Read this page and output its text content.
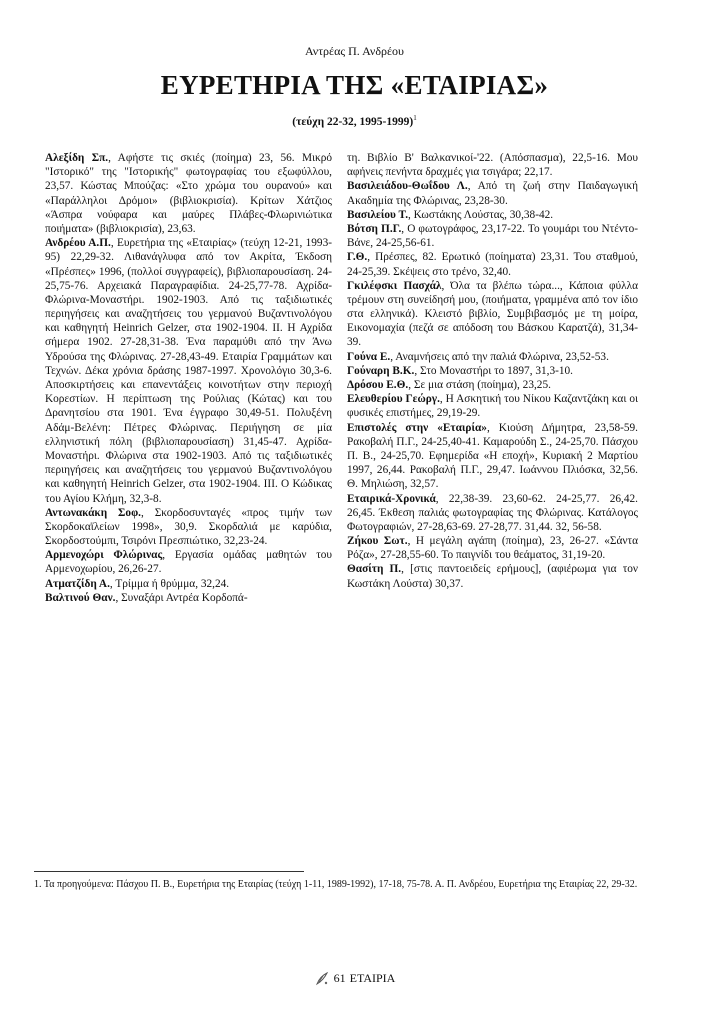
Αντρέας Π. Ανδρέου
ΕΥΡΕΤΗΡΙΑ ΤΗΣ «ΕΤΑΙΡΙΑΣ»
(τεύχη 22-32, 1995-1999)$^1$

Αλεξίδη Σπ., Αφήστε τις σκιές (ποίημα) 23, 56. Μικρό "Ιστορικό" της "Ιστορικής" φωτογραφίας του εξωφύλλου, 23,57. Κώστας Μπούζας: «Στο χρώμα του ουρανού» και «Παράλληλοι Δρόμοι» (βιβλιοκρισία). Κρίτων Χάτζιος «Άσπρα νούφαρα και μαύρες Πλάβες-Φλωρινιώτικα ποιήματα» (βιβλιοκρισία), 23,63.

Ανδρέου Α.Π., Ευρετήρια της «Εταιρίας» (τεύχη 12-21, 1993-95) 22,29-32. Λιθανάγλυφα από τον Ακρίτα, Έκδοση «Πρέσπες» 1996, (πολλοί συγγραφείς), βιβλιοπαρουσίαση. 24-25,75-76. Αρχειακά Παραγραφίδια. 24-25,77-78. Αχρίδα-Φλώρινα-Μοναστήρι. 1902-1903. Από τις ταξιδιωτικές περιηγήσεις και αναζητήσεις του γερμανού Βυζαντινολόγου και καθηγητή Heinrich Gelzer, στα 1902-1904. ΙΙ. Η Αχρίδα σήμερα 1902. 27-28,31-38. Ένα παραμύθι από την Άνω Υδρούσα της Φλώρινας. 27-28,43-49. Εταιρία Γραμμάτων και Τεχνών. Δέκα χρόνια δράσης 1987-1997. Χρονολόγιο 30,3-6. Αποσκιρτήσεις και επανεντάξεις κοινοτήτων στην περιοχή Κορεστίων. Η περίπτωση της Ρούλιας (Κώτας) και του Δρανητσίου στα 1901. Ένα έγγραφο 30,49-51. Πολυξένη Αδάμ-Βελένη: Πέτρες Φλώρινας. Περιήγηση σε μία ελληνιστική πόλη (βιβλιοπαρουσίαση) 31,45-47. Αχρίδα-Μοναστήρι. Φλώρινα στα 1902-1903. Από τις ταξιδιωτικές περιηγήσεις και αναζητήσεις του γερμανού Βυζαντινολόγου και καθηγητή Heinrich Gelzer, στα 1902-1904. ΙΙΙ. Ο Κώδικας του Αγίου Κλήμη, 32,3-8.

Αντωνακάκη Σοφ., Σκορδοσυνταγές «προς τιμήν των Σκορδοκαϊλείων 1998», 30,9. Σκορδαλιά με καρύδια, Σκορδοστούμπι, Τσιρόνι Πρεσπιώτικο, 32,23-24.

Αρμενοχώρι Φλώρινας, Εργασία ομάδας μαθητών του Αρμενοχωρίου, 26,26-27.

Ατματζίδη Α., Τρίμμα ή θρύμμα, 32,24.

Βαλτινού Θαν., Συναξάρι Αντρέα Κορδοπά-

τη. Βιβλίο Β' Βαλκανικοί-'22. (Απόσπασμα), 22,5-16. Μου αφήνεις πενήντα δραχμές για τσιγάρα; 22,17.

Βασιλειάδου-Θωΐδου Λ., Από τη ζωή στην Παιδαγωγική Ακαδημία της Φλώρινας, 23,28-30.

Βασιλείου Τ., Κωστάκης Λούστας, 30,38-42.

Βότση Π.Γ., Ο φωτογράφος, 23,17-22. Το γουμάρι του Ντέντο-Βάνε, 24-25,56-61.

Γ.Θ., Πρέσπες, 82. Ερωτικό (ποίηματα) 23,31. Του σταθμού, 24-25,39. Σκέψεις στο τρένο, 32,40.

Γκιλέφσκι Πασχάλ, Όλα τα βλέπω τώρα..., Κάποια φύλλα τρέμουν στη συνείδησή μου, (ποιήματα, γραμμένα από τον ίδιο στα ελληνικά). Κλειστό βιβλίο, Συμβιβασμός με τη μοίρα, Εικονομαχία (πεζά σε απόδοση του Βάσκου Καρατζά), 31,34-39.

Γούνα Ε., Αναμνήσεις από την παλιά Φλώρινα, 23,52-53.

Γούναρη Β.Κ., Στο Μοναστήρι το 1897, 31,3-10.

Δρόσου Ε.Θ., Σε μια στάση (ποίημα), 23,25.

Ελευθερίου Γεώργ., Η Ασκητική του Νίκου Καζαντζάκη και οι φυσικές επιστήμες, 29,19-29.

Επιστολές στην «Εταιρία», Κιούση Δήμητρα, 23,58-59. Ρακοβαλή Π.Γ., 24-25,40-41. Καμαρούδη Σ., 24-25,70. Πάσχου Π. Β., 24-25,70. Εφημερίδα «Η εποχή», Κυριακή 2 Μαρτίου 1997, 26,44. Ρακοβαλή Π.Γ., 29,47. Ιωάννου Πλιόσκα, 32,56. Θ. Μηλιώση, 32,57.

Εταιρικά-Χρονικά, 22,38-39. 23,60-62. 24-25,77. 26,42. 26,45. Έκθεση παλιάς φωτογραφίας της Φλώρινας. Κατάλογος Φωτογραφιών, 27-28,63-69. 27-28,77. 31,44. 32, 56-58.

Ζήκου Σωτ., Η μεγάλη αγάπη (ποίημα), 23, 26-27. «Σάντα Ρόζα», 27-28,55-60. Το παιγνίδι του θεάματος, 31,19-20.

Θασίτη Π., [στις παντοειδείς ερήμους], (αφιέρωμα για τον Κωστάκη Λούστα) 30,37.

1. Τα προηγούμενα: Πάσχου Π. Β., Ευρετήρια της Εταιρίας (τεύχη 1-11, 1989-1992), 17-18, 75-78. Α. Π. Ανδρέου, Ευρετήρια της Εταιρίας 22, 29-32.
61 ΕΤΑΙΡΙΑ
